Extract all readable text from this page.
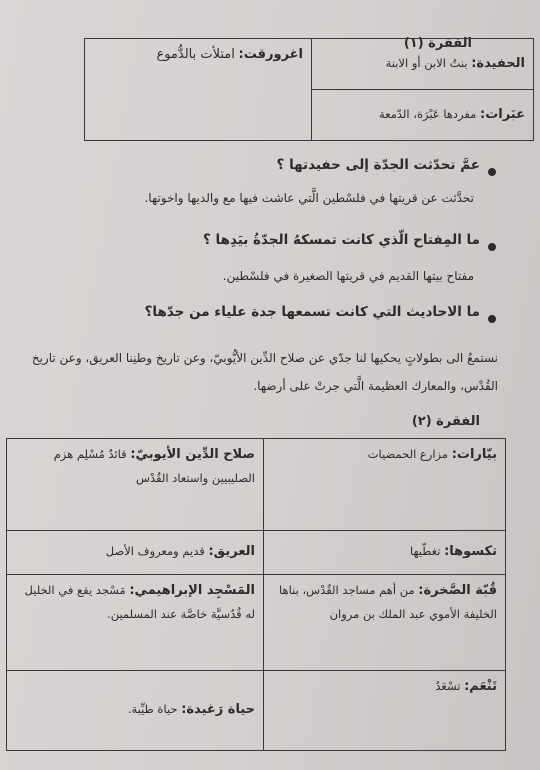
الفقرة (١)
الحفيدة: بنتُ الابن أو الابنة	اغرورقت: امتلأت بالدُّموع
عبَرات: مفردها عَبْرَة، الدّمعة
عمَّ تحدّثت الجدّة إلى حفيدتها ؟
تحدَّثت عن قريتها في فلسْطين الَّتي عاشت فيها مع والديها واخوتها.
ما المِفتاح الّذي كانت تمسكهُ الجدّةُ بيَدِها ؟
مفتاح بيتها القديم في قريتها الصغيرة في فلسْطين.
ما الاحاديث التي كانت تسمعها جدة علياء من جدّها؟
نستمعُ الى بطولاتٍ يحكيها لنا جدّي عن صلاح الدِّين الأيُّوبيّ، وعن تاريخ وطنِنا العريق، وعن تاريخ القُدْس، والمعارك العظيمة الَّتي جرتْ على أرضها.
الفقرة (٢)
بيّارات: مزارع الحمضيات	صلاح الدِّين الأيوبيّ: قائدٌ مُسْلِم هزم الصليبيين واستعاد القُدْس
تكسوها: تغطّيها	العريق: قديم ومعروف الأصل
قُبّة الصَّخرة: من أهم مساجد القُدْس، بناها الخليفة الأموي عبد الملك بن مروان	المَسْجِد الإبراهيمي: مَسْجد يقع في الخليل له قُدُسيَّة خاصَّة عند المسلمين.
تَنْعَم: تسْعَدُ	حياة رَغيدة: حياة طيِّبة.
